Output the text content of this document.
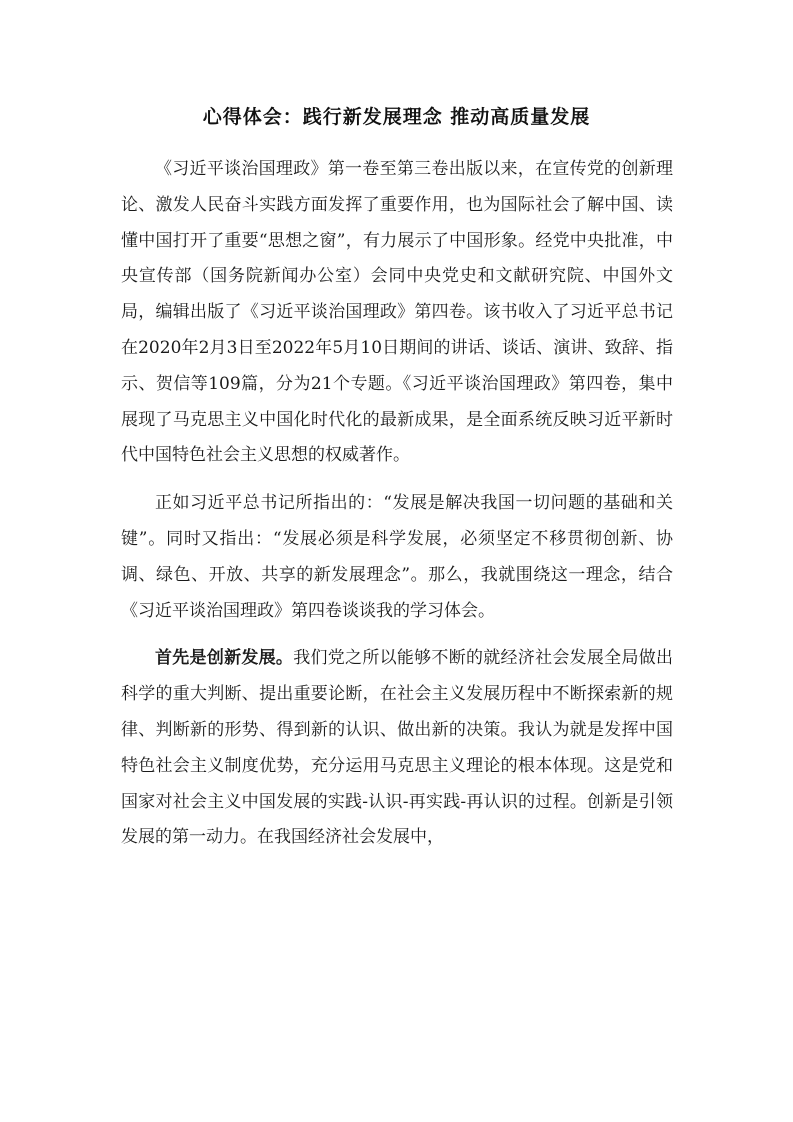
心得体会：践行新发展理念 推动高质量发展

《习近平谈治国理政》第一卷至第三卷出版以来，在宣传党的创新理论、激发人民奋斗实践方面发挥了重要作用，也为国际社会了解中国、读懂中国打开了重要“思想之窗”，有力展示了中国形象。经党中央批准，中央宣传部（国务院新闻办公室）会同中央党史和文献研究院、中国外文局，编辑出版了《习近平谈治国理政》第四卷。该书收入了习近平总书记在2020年2月3日至2022年5月10日期间的讲话、谈话、演讲、致辞、指示、贺信等109篇，分为21个专题。《习近平谈治国理政》第四卷，集中展现了马克思主义中国化时代化的最新成果，是全面系统反映习近平新时代中国特色社会主义思想的权威著作。

正如习近平总书记所指出的：“发展是解决我国一切问题的基础和关键”。同时又指出：“发展必须是科学发展，必须坚定不移贯彻创新、协调、绿色、开放、共享的新发展理念”。那么，我就围绕这一理念，结合《习近平谈治国理政》第四卷谈谈我的学习体会。

首先是创新发展。我们党之所以能够不断的就经济社会发展全局做出科学的重大判断、提出重要论断，在社会主义发展历程中不断探索新的规律、判断新的形势、得到新的认识、做出新的决策。我认为就是发挥中国特色社会主义制度优势，充分运用马克思主义理论的根本体现。这是党和国家对社会主义中国发展的实践-认识-再实践-再认识的过程。创新是引领发展的第一动力。在我国经济社会发展中，
